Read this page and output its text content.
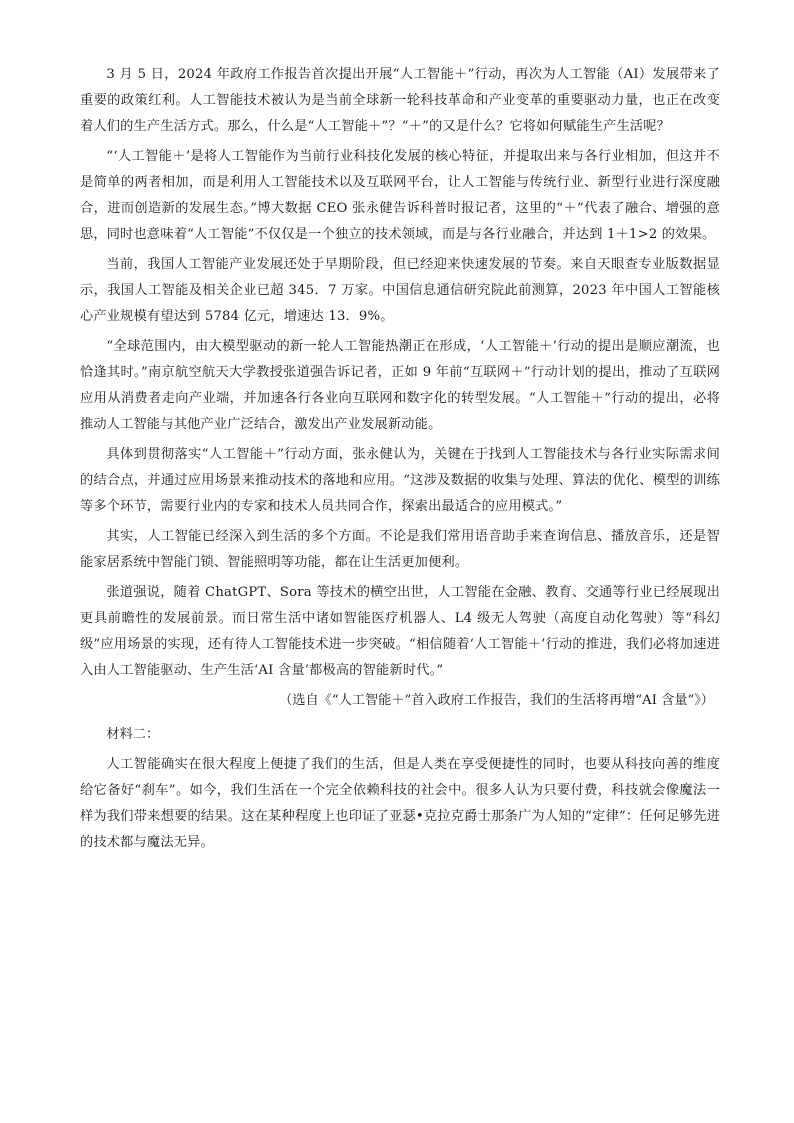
3 月 5 日，2024 年政府工作报告首次提出开展“人工智能＋”行动，再次为人工智能（AI）发展带来了重要的政策红利。人工智能技术被认为是当前全球新一轮科技革命和产业变革的重要驱动力量，也正在改变着人们的生产生活方式。那么，什么是“人工智能＋”？“＋”的又是什么？它将如何赋能生产生活呢？

“‘人工智能＋’是将人工智能作为当前行业科技化发展的核心特征，并提取出来与各行业相加，但这并不是简单的两者相加，而是利用人工智能技术以及互联网平台，让人工智能与传统行业、新型行业进行深度融合，进而创造新的发展生态。”博大数据 CEO 张永健告诉科普时报记者，这里的“＋”代表了融合、增强的意思，同时也意味着“人工智能”不仅仅是一个独立的技术领域，而是与各行业融合，并达到 1＋1>2 的效果。

当前，我国人工智能产业发展还处于早期阶段，但已经迎来快速发展的节奏。来自天眼查专业版数据显示，我国人工智能及相关企业已超 345．7 万家。中国信息通信研究院此前测算，2023 年中国人工智能核心产业规模有望达到 5784 亿元，增速达 13．9%。

“全球范围内，由大模型驱动的新一轮人工智能热潮正在形成，‘人工智能＋’行动的提出是顺应潮流，也恰逢其时。”南京航空航天大学教授张道强告诉记者，正如 9 年前“互联网＋”行动计划的提出，推动了互联网应用从消费者走向产业端，并加速各行各业向互联网和数字化的转型发展。“人工智能＋”行动的提出，必将推动人工智能与其他产业广泛结合，激发出产业发展新动能。

具体到贯彻落实“人工智能＋”行动方面，张永健认为，关键在于找到人工智能技术与各行业实际需求间的结合点，并通过应用场景来推动技术的落地和应用。“这涉及数据的收集与处理、算法的优化、模型的训练等多个环节，需要行业内的专家和技术人员共同合作，探索出最适合的应用模式。”

其实，人工智能已经深入到生活的多个方面。不论是我们常用语音助手来查询信息、播放音乐，还是智能家居系统中智能门锁、智能照明等功能，都在让生活更加便利。

张道强说，随着 ChatGPT、Sora 等技术的横空出世，人工智能在金融、教育、交通等行业已经展现出更具前瞻性的发展前景。而日常生活中诸如智能医疗机器人、L4 级无人驾驶（高度自动化驾驶）等“科幻级”应用场景的实现，还有待人工智能技术进一步突破。“相信随着‘人工智能＋’行动的推进，我们必将加速进入由人工智能驱动、生产生活‘AI 含量’都极高的智能新时代。”

（选自《“人工智能＋”首入政府工作报告，我们的生活将再增“AI 含量”》）

材料二：

人工智能确实在很大程度上便捷了我们的生活，但是人类在享受便捷性的同时，也要从科技向善的维度给它备好“刹车”。如今，我们生活在一个完全依赖科技的社会中。很多人认为只要付费，科技就会像魔法一样为我们带来想要的结果。这在某种程度上也印证了亚瑟•克拉克爵士那条广为人知的“定律”：任何足够先进的技术都与魔法无异。
